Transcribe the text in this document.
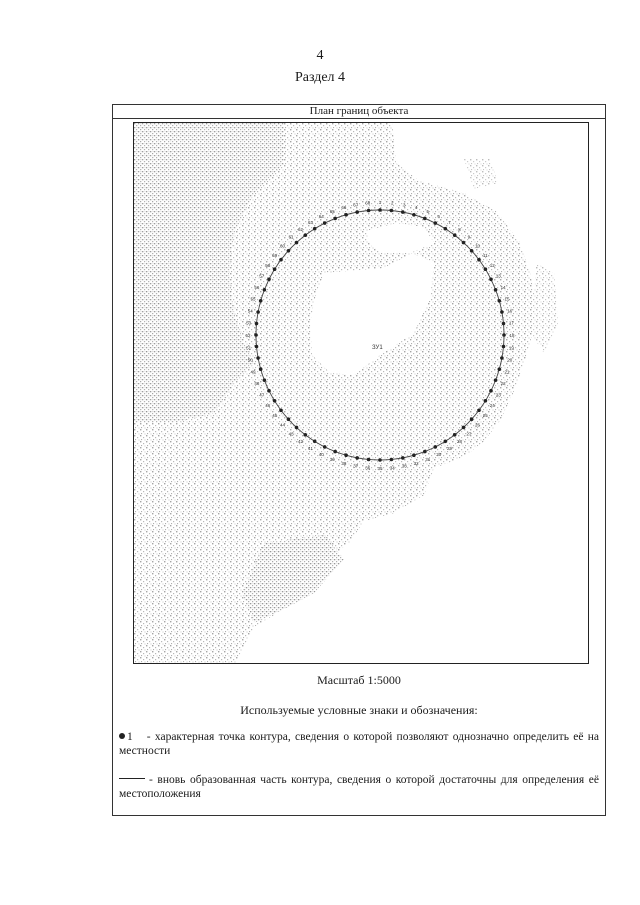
4
Раздел 4
План границ объекта
1 2 3
4
5
6
7
8
9
10
11
12
13
14
15
16
17
18
19
20
21
22
23
24
25
26
27
28
29
30
31
32
33
34
35
36
37
38
39
40
41
42
43
44
45
46
47
48
49
50
51
52
53
54
55
56
57
58
59
60
61
62
63
64
65
66
67 68
ЗУ1
Масштаб 1:5000
Используемые условные знаки и обозначения:
1 - характерная точка контура, сведения о которой позволяют однозначно определить её на местности
- вновь образованная часть контура, сведения о которой достаточны для определения её местоположения
